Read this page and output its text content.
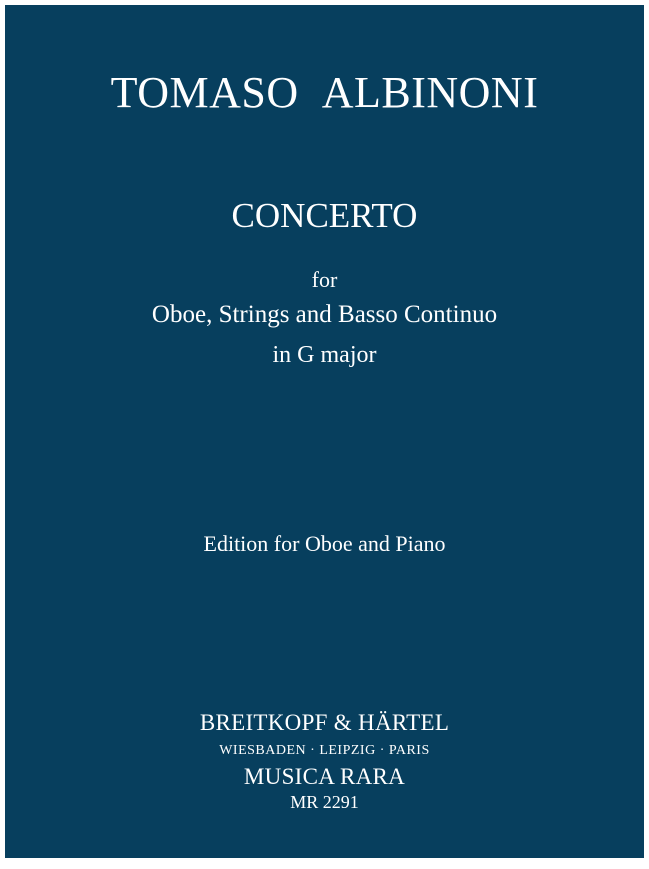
TOMASO ALBINONI
CONCERTO
for
Oboe, Strings and Basso Continuo
in G major
Edition for Oboe and Piano
BREITKOPF & HÄRTEL
WIESBADEN · LEIPZIG · PARIS
MUSICA RARA
MR 2291
